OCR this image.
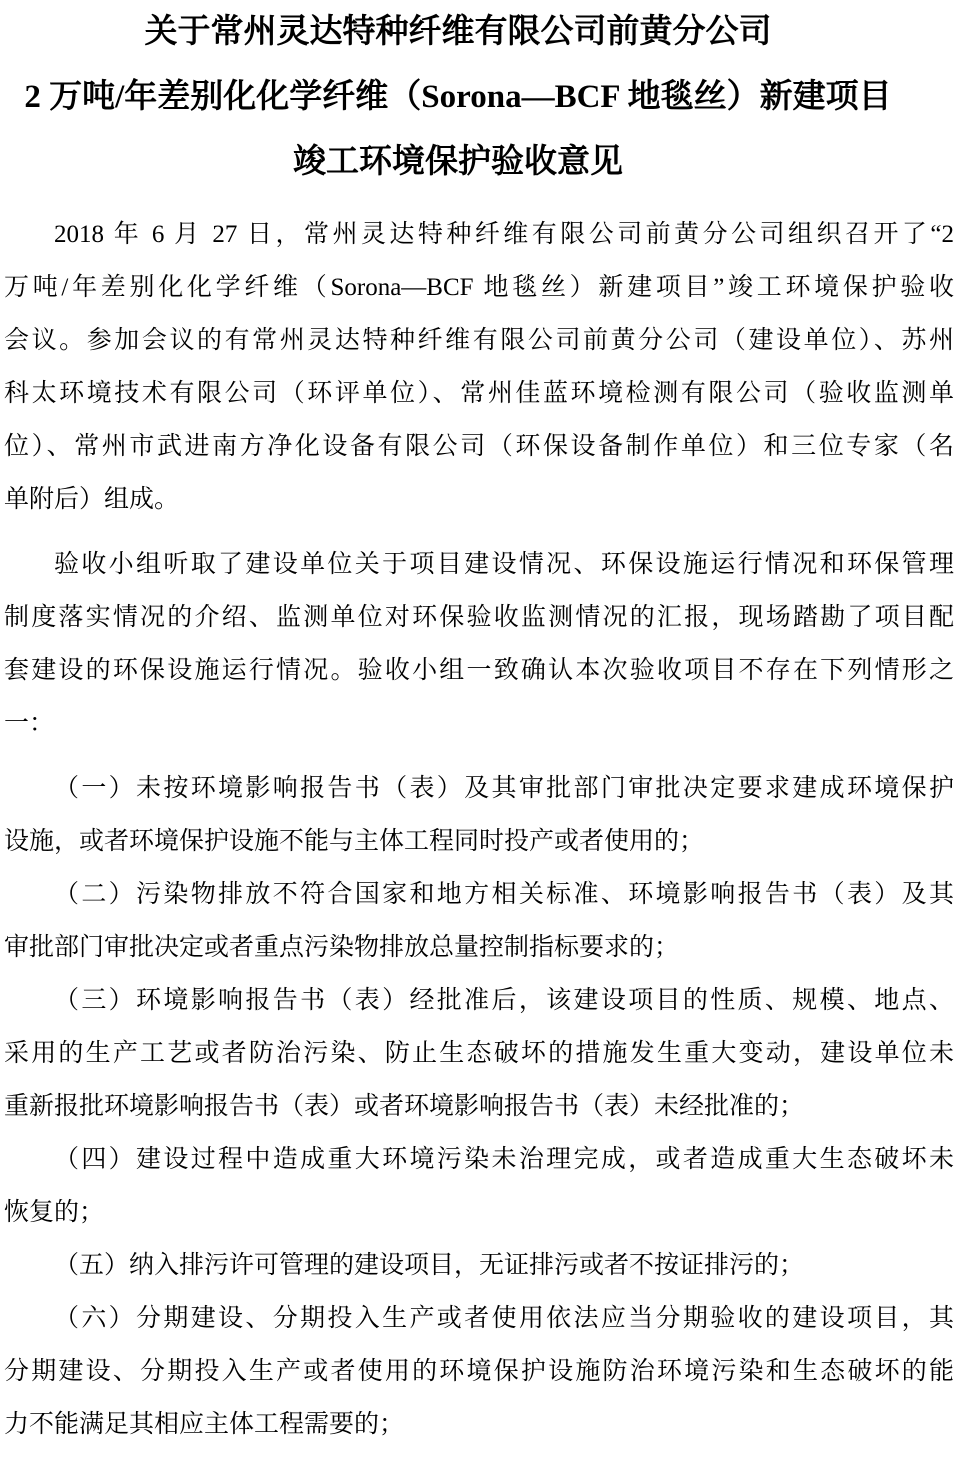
关于常州灵达特种纤维有限公司前黄分公司
2 万吨/年差别化化学纤维（Sorona—BCF 地毯丝）新建项目
竣工环境保护验收意见
2018 年 6 月 27 日，常州灵达特种纤维有限公司前黄分公司组织召开了“2
万吨/年差别化化学纤维（Sorona—BCF 地毯丝）新建项目”竣工环境保护验收
会议。参加会议的有常州灵达特种纤维有限公司前黄分公司（建设单位）、苏州
科太环境技术有限公司（环评单位）、常州佳蓝环境检测有限公司（验收监测单
位）、常州市武进南方净化设备有限公司（环保设备制作单位）和三位专家（名
单附后）组成。
验收小组听取了建设单位关于项目建设情况、环保设施运行情况和环保管理
制度落实情况的介绍、监测单位对环保验收监测情况的汇报，现场踏勘了项目配
套建设的环保设施运行情况。验收小组一致确认本次验收项目不存在下列情形之
一：
（一）未按环境影响报告书（表）及其审批部门审批决定要求建成环境保护
设施，或者环境保护设施不能与主体工程同时投产或者使用的；
（二）污染物排放不符合国家和地方相关标准、环境影响报告书（表）及其
审批部门审批决定或者重点污染物排放总量控制指标要求的；
（三）环境影响报告书（表）经批准后，该建设项目的性质、规模、地点、
采用的生产工艺或者防治污染、防止生态破坏的措施发生重大变动，建设单位未
重新报批环境影响报告书（表）或者环境影响报告书（表）未经批准的；
（四）建设过程中造成重大环境污染未治理完成，或者造成重大生态破坏未
恢复的；
（五）纳入排污许可管理的建设项目，无证排污或者不按证排污的；
（六）分期建设、分期投入生产或者使用依法应当分期验收的建设项目，其
分期建设、分期投入生产或者使用的环境保护设施防治环境污染和生态破坏的能
力不能满足其相应主体工程需要的；
